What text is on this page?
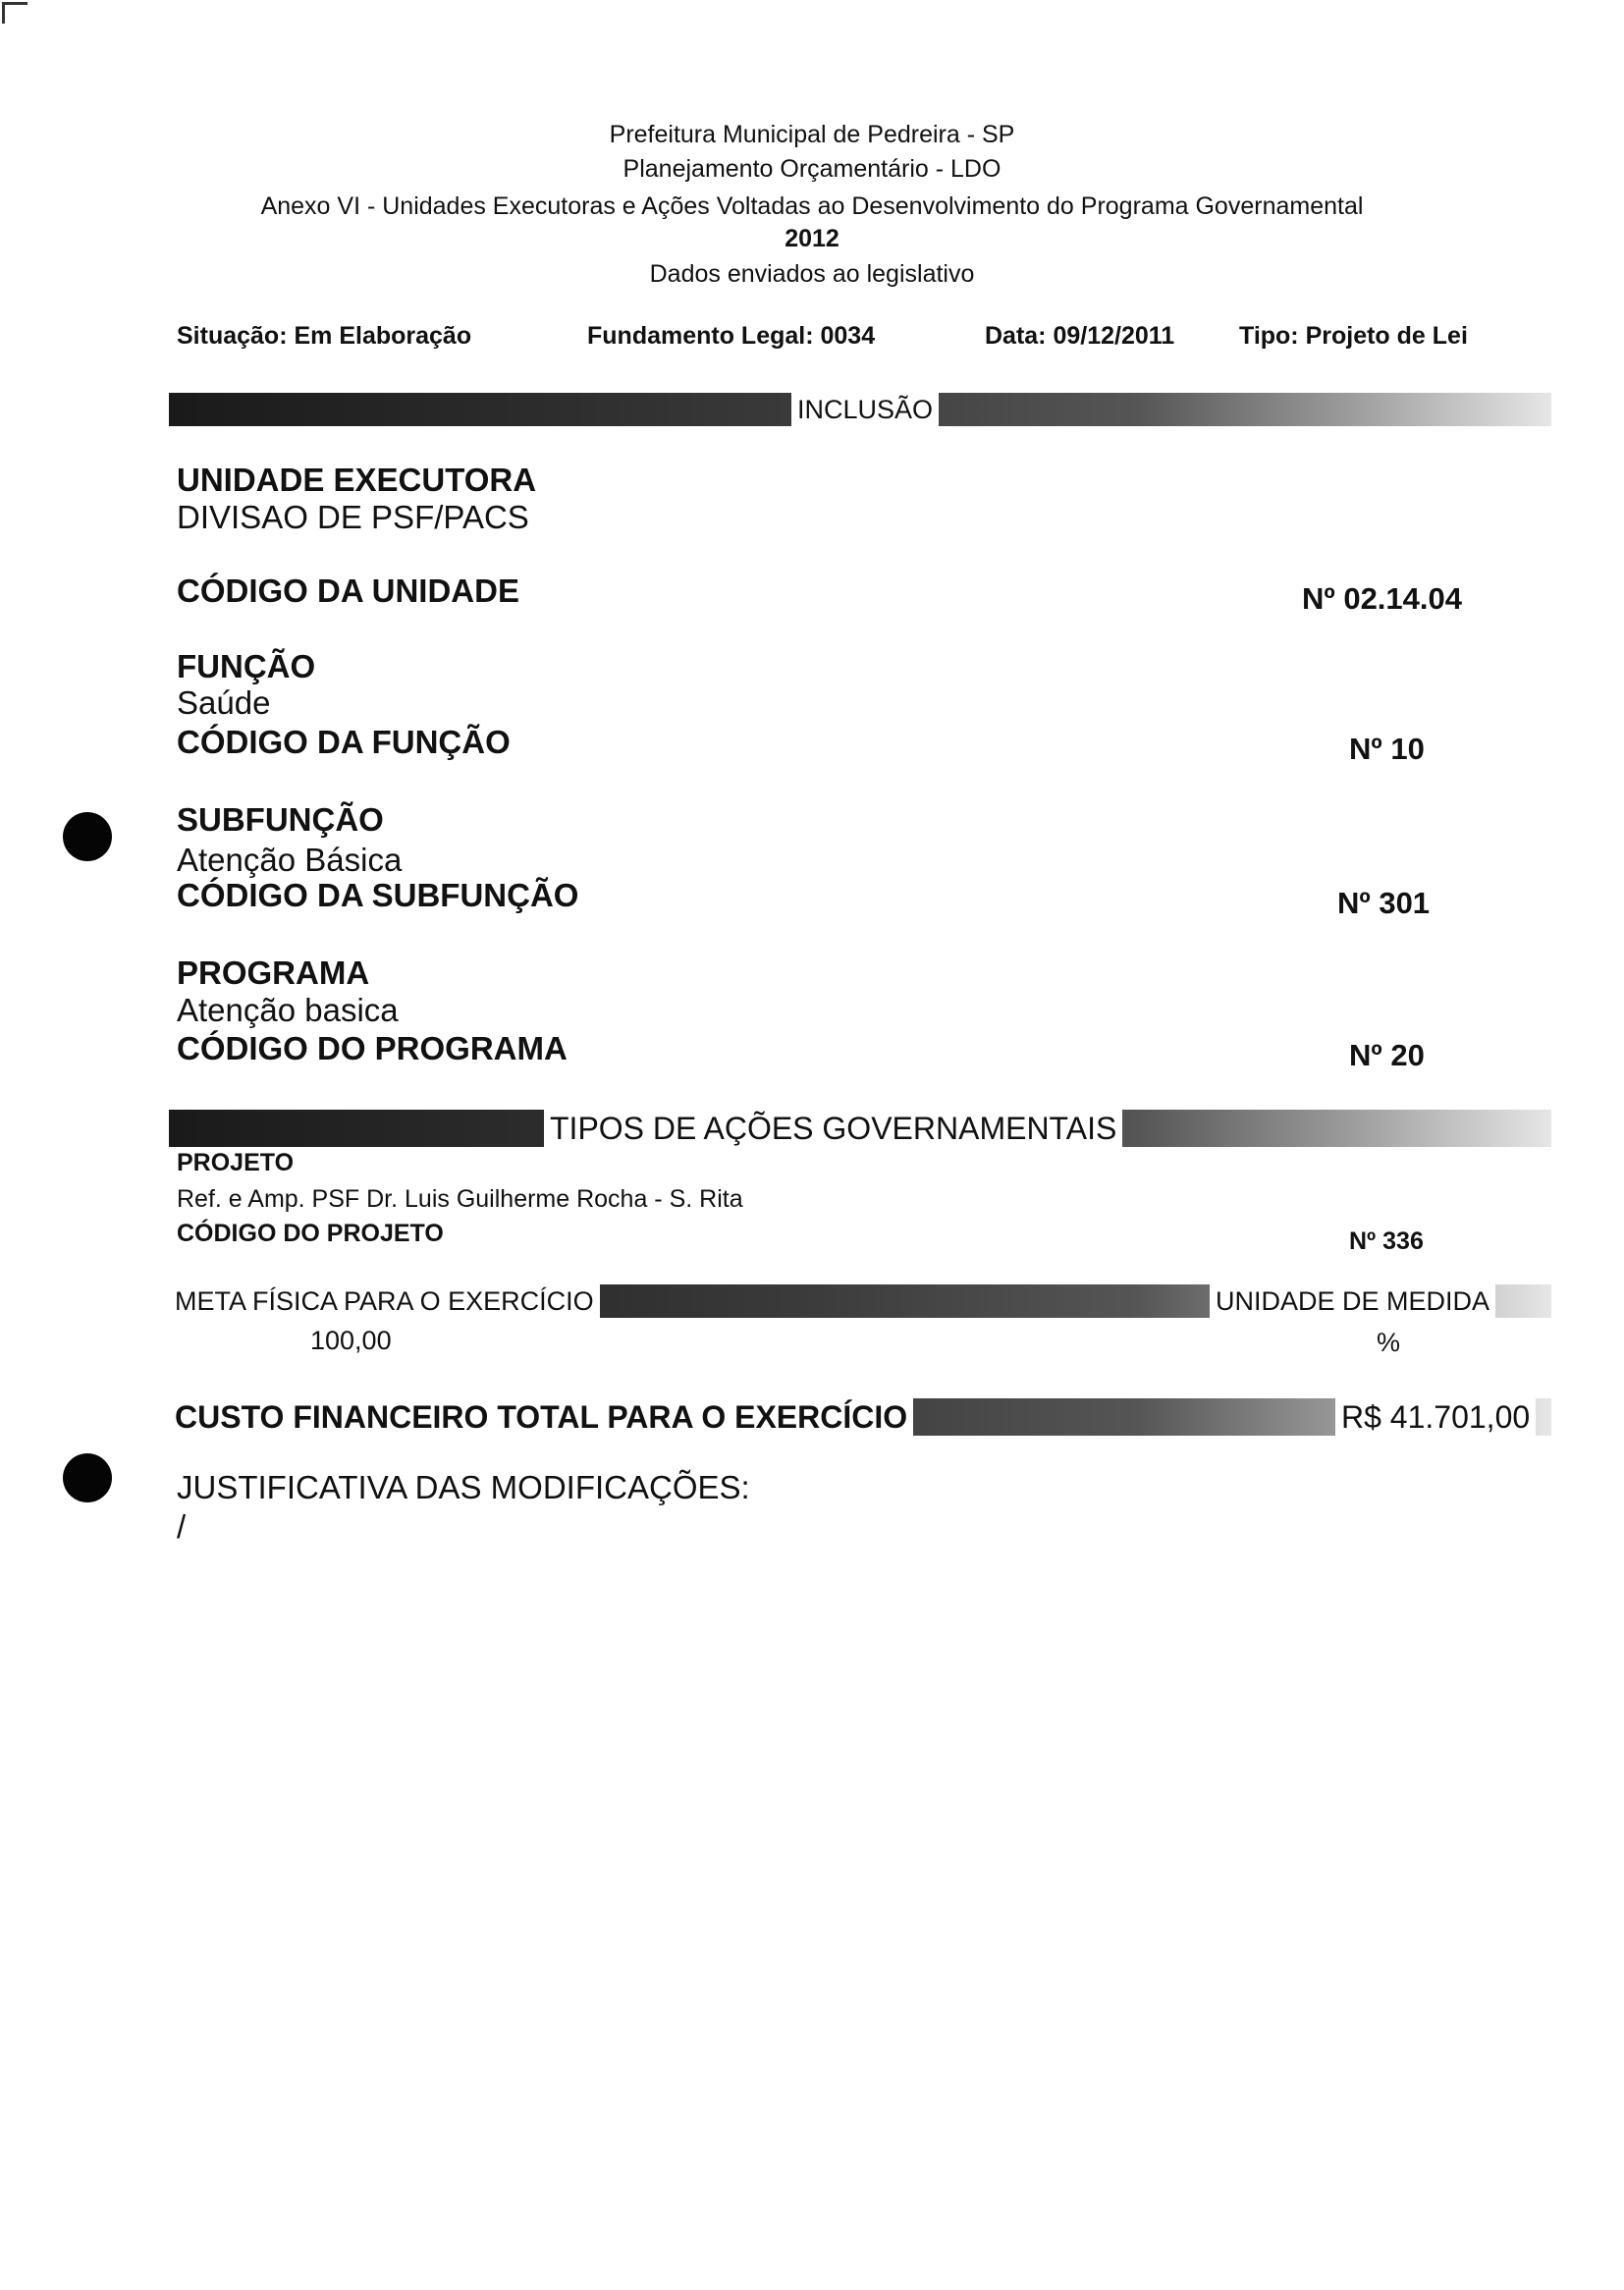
Prefeitura Municipal de Pedreira - SP
Planejamento Orçamentário - LDO
Anexo VI - Unidades Executoras e Ações Voltadas ao Desenvolvimento do Programa Governamental
2012
Dados enviados ao legislativo
Situação: Em Elaboração	Fundamento Legal: 0034	Data: 09/12/2011	Tipo: Projeto de Lei
INCLUSÃO
UNIDADE EXECUTORA
DIVISAO DE PSF/PACS
CÓDIGO DA UNIDADE	Nº 02.14.04
FUNÇÃO
Saúde
CÓDIGO DA FUNÇÃO	Nº 10
SUBFUNÇÃO
Atenção Básica
CÓDIGO DA SUBFUNÇÃO	Nº 301
PROGRAMA
Atenção basica
CÓDIGO DO PROGRAMA	Nº 20
TIPOS DE AÇÕES GOVERNAMENTAIS
PROJETO
Ref. e Amp. PSF Dr. Luis Guilherme Rocha - S. Rita
CÓDIGO DO PROJETO	Nº 336
META FÍSICA PARA O EXERCÍCIO	UNIDADE DE MEDIDA
100,00	%
CUSTO FINANCEIRO TOTAL PARA O EXERCÍCIO	R$ 41.701,00
JUSTIFICATIVA DAS MODIFICAÇÕES:
/
